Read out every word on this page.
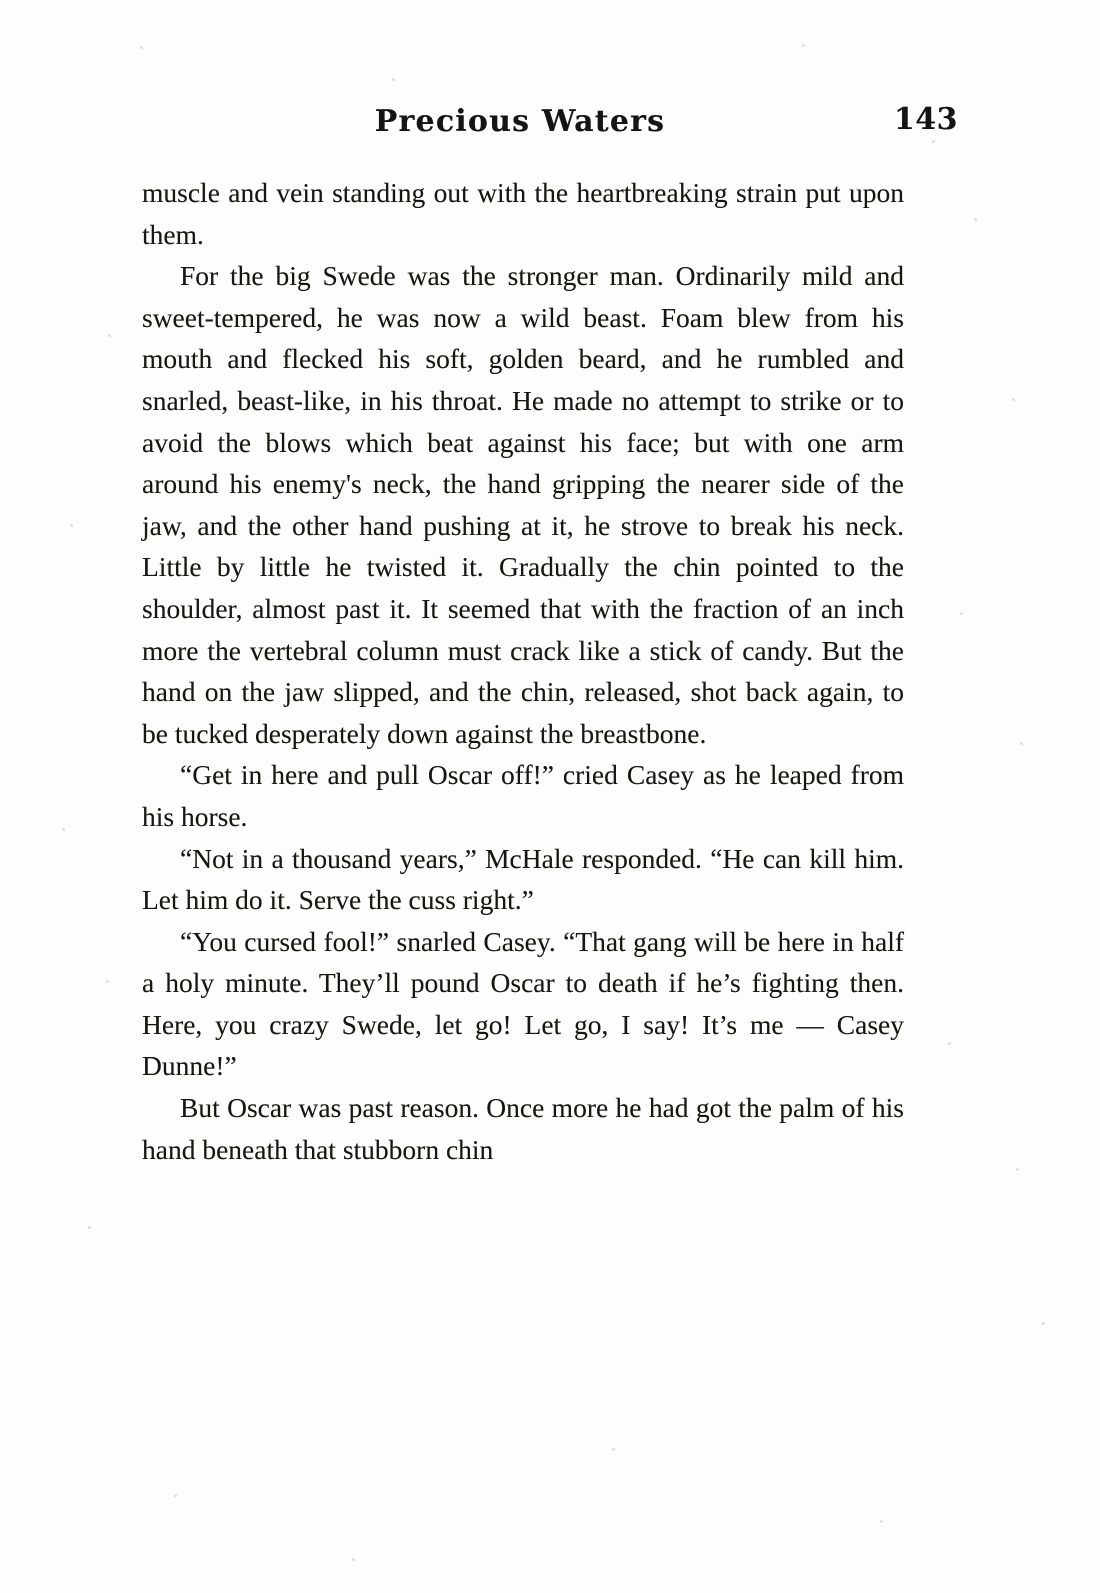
Precious Waters	143

muscle and vein standing out with the heartbreaking strain put upon them.

For the big Swede was the stronger man. Ordinarily mild and sweet-tempered, he was now a wild beast. Foam blew from his mouth and flecked his soft, golden beard, and he rumbled and snarled, beast-like, in his throat. He made no attempt to strike or to avoid the blows which beat against his face; but with one arm around his enemy's neck, the hand gripping the nearer side of the jaw, and the other hand pushing at it, he strove to break his neck. Little by little he twisted it. Gradually the chin pointed to the shoulder, almost past it. It seemed that with the fraction of an inch more the vertebral column must crack like a stick of candy. But the hand on the jaw slipped, and the chin, released, shot back again, to be tucked desperately down against the breastbone.

“Get in here and pull Oscar off!” cried Casey as he leaped from his horse.

“Not in a thousand years,” McHale responded. “He can kill him. Let him do it. Serve the cuss right.”

“You cursed fool!” snarled Casey. “That gang will be here in half a holy minute. They’ll pound Oscar to death if he’s fighting then. Here, you crazy Swede, let go! Let go, I say! It’s me — Casey Dunne!”

But Oscar was past reason. Once more he had got the palm of his hand beneath that stubborn chin
